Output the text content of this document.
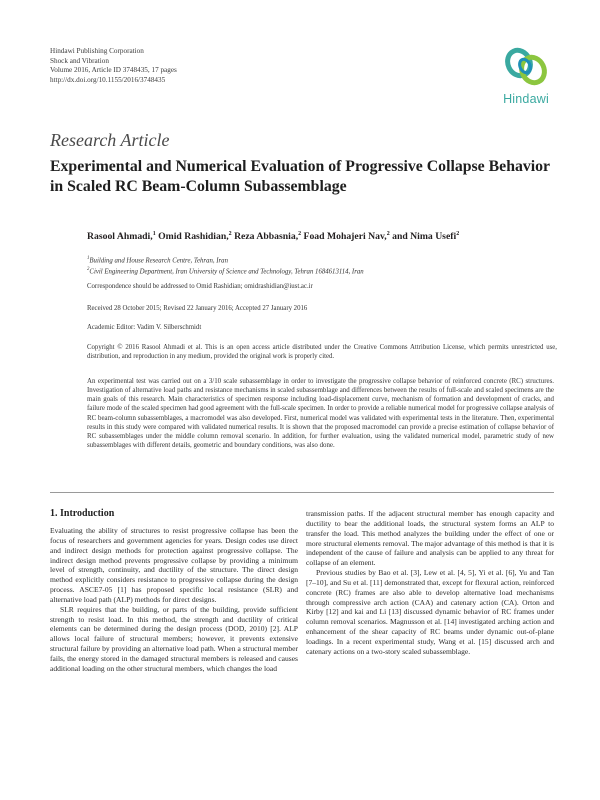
Hindawi Publishing Corporation
Shock and Vibration
Volume 2016, Article ID 3748435, 17 pages
http://dx.doi.org/10.1155/2016/3748435
Hindawi
Research Article
Experimental and Numerical Evaluation of Progressive Collapse Behavior in Scaled RC Beam-Column Subassemblage
Rasool Ahmadi,$^1$ Omid Rashidian,$^2$ Reza Abbasnia,$^2$ Foad Mohajeri Nav,$^2$ and Nima Usefi$^2$
$^1$Building and House Research Centre, Tehran, Iran
$^2$Civil Engineering Department, Iran University of Science and Technology, Tehran 1684613114, Iran
Correspondence should be addressed to Omid Rashidian; omidrashidian@iust.ac.ir
Received 28 October 2015; Revised 22 January 2016; Accepted 27 January 2016
Academic Editor: Vadim V. Silberschmidt
Copyright © 2016 Rasool Ahmadi et al. This is an open access article distributed under the Creative Commons Attribution License, which permits unrestricted use, distribution, and reproduction in any medium, provided the original work is properly cited.
An experimental test was carried out on a 3/10 scale subassemblage in order to investigate the progressive collapse behavior of reinforced concrete (RC) structures. Investigation of alternative load paths and resistance mechanisms in scaled subassemblage and differences between the results of full-scale and scaled specimens are the main goals of this research. Main characteristics of specimen response including load-displacement curve, mechanism of formation and development of cracks, and failure mode of the scaled specimen had good agreement with the full-scale specimen. In order to provide a reliable numerical model for progressive collapse analysis of RC beam-column subassemblages, a macromodel was also developed. First, numerical model was validated with experimental tests in the literature. Then, experimental results in this study were compared with validated numerical results. It is shown that the proposed macromodel can provide a precise estimation of collapse behavior of RC subassemblages under the middle column removal scenario. In addition, for further evaluation, using the validated numerical model, parametric study of new subassemblages with different details, geometric and boundary conditions, was also done.
1. Introduction

Evaluating the ability of structures to resist progressive collapse has been the focus of researchers and government agencies for years. Design codes use direct and indirect design methods for protection against progressive collapse. The indirect design method prevents progressive collapse by providing a minimum level of strength, continuity, and ductility of the structure. The direct design method explicitly considers resistance to progressive collapse during the design process. ASCE7-05 [1] has proposed specific local resistance (SLR) and alternative load path (ALP) methods for direct designs.

SLR requires that the building, or parts of the building, provide sufficient strength to resist load. In this method, the strength and ductility of critical elements can be determined during the design process (DOD, 2010) [2]. ALP allows local failure of structural members; however, it prevents extensive structural failure by providing an alternative load path. When a structural member fails, the energy stored in the damaged structural members is released and causes additional loading on the other structural members, which changes the load

transmission paths. If the adjacent structural member has enough capacity and ductility to bear the additional loads, the structural system forms an ALP to transfer the load. This method analyzes the building under the effect of one or more structural elements removal. The major advantage of this method is that it is independent of the cause of failure and analysis can be applied to any threat for collapse of an element.

Previous studies by Bao et al. [3], Lew et al. [4, 5], Yi et al. [6], Yu and Tan [7–10], and Su et al. [11] demonstrated that, except for flexural action, reinforced concrete (RC) frames are also able to develop alternative load mechanisms through compressive arch action (CAA) and catenary action (CA). Orton and Kirby [12] and kai and Li [13] discussed dynamic behavior of RC frames under column removal scenarios. Magnusson et al. [14] investigated arching action and enhancement of the shear capacity of RC beams under dynamic out-of-plane loadings. In a recent experimental study, Wang et al. [15] discussed arch and catenary actions on a two-story scaled subassemblage.
